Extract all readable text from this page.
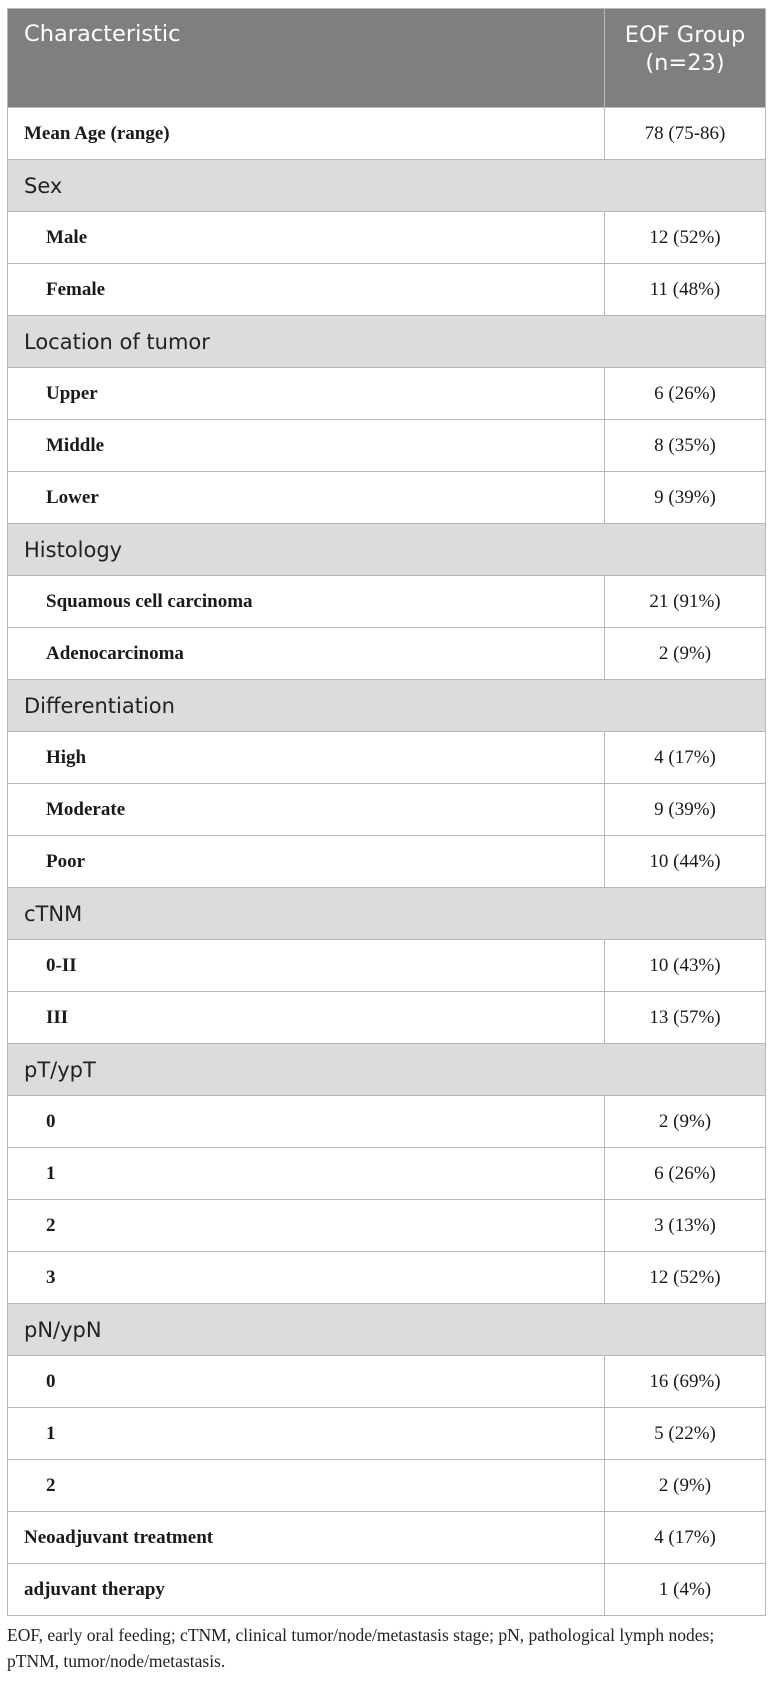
Characteristic	EOF Group
(n=23)
Mean Age (range)	78 (75-86)
Sex	
Male	12 (52%)
Female	11 (48%)
Location of tumor	
Upper	6 (26%)
Middle	8 (35%)
Lower	9 (39%)
Histology	
Squamous cell carcinoma	21 (91%)
Adenocarcinoma	2 (9%)
Differentiation	
High	4 (17%)
Moderate	9 (39%)
Poor	10 (44%)
cTNM	
0-II	10 (43%)
III	13 (57%)
pT/ypT	
0	2 (9%)
1	6 (26%)
2	3 (13%)
3	12 (52%)
pN/ypN	
0	16 (69%)
1	5 (22%)
2	2 (9%)
Neoadjuvant treatment	4 (17%)
adjuvant therapy	1 (4%)
EOF, early oral feeding; cTNM, clinical tumor/node/metastasis stage; pN, pathological lymph nodes; pTNM, tumor/node/metastasis.
